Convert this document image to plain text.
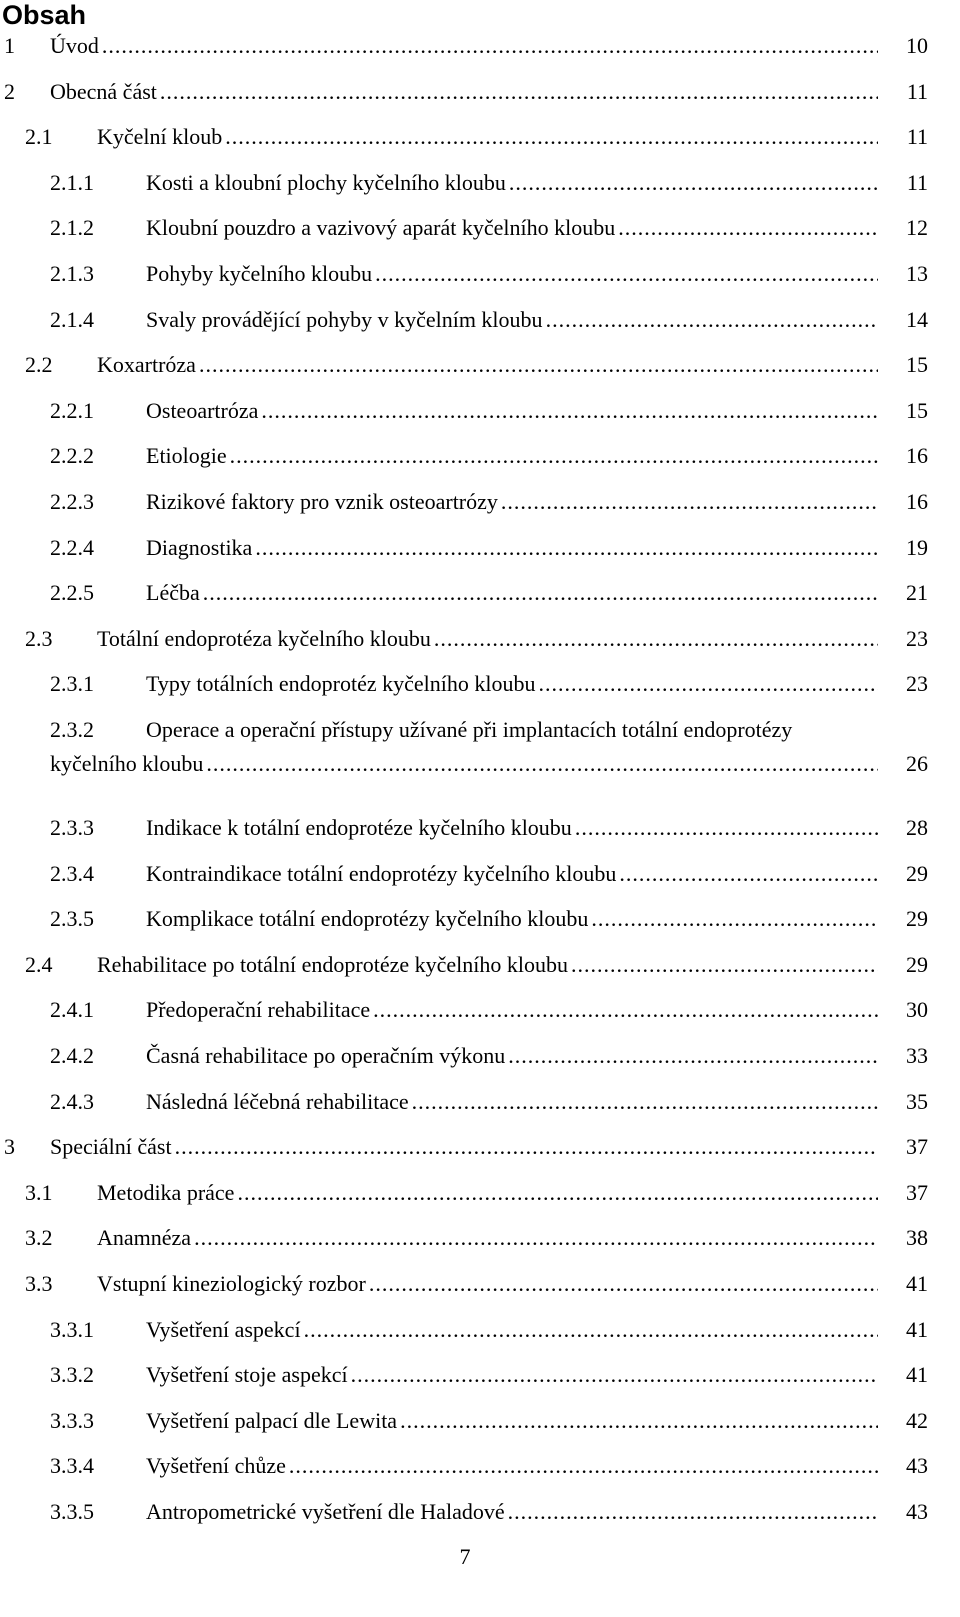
Obsah
1 Úvod .....	10
2 Obecná část .....	11
2.1 Kyčelní kloub .....	11
2.1.1 Kosti a kloubní plochy kyčelního kloubu .....	11
2.1.2 Kloubní pouzdro a vazivový aparát kyčelního kloubu .....	12
2.1.3 Pohyby kyčelního kloubu .....	13
2.1.4 Svaly provádějící pohyby v kyčelním kloubu .....	14
2.2 Koxartróza .....	15
2.2.1 Osteoartróza .....	15
2.2.2 Etiologie .....	16
2.2.3 Rizikové faktory pro vznik osteoartrózy .....	16
2.2.4 Diagnostika .....	19
2.2.5 Léčba .....	21
2.3 Totální endoprotéza kyčelního kloubu .....	23
2.3.1 Typy totálních endoprotéz kyčelního kloubu .....	23
2.3.2 Operace a operační přístupy užívané při implantacích totální endoprotézy
kyčelního kloubu .....	26
2.3.3 Indikace k totální endoprotéze kyčelního kloubu .....	28
2.3.4 Kontraindikace totální endoprotézy kyčelního kloubu .....	29
2.3.5 Komplikace totální endoprotézy kyčelního kloubu .....	29
2.4 Rehabilitace po totální endoprotéze kyčelního kloubu .....	29
2.4.1 Předoperační rehabilitace .....	30
2.4.2 Časná rehabilitace po operačním výkonu .....	33
2.4.3 Následná léčebná rehabilitace .....	35
3 Speciální část .....	37
3.1 Metodika práce .....	37
3.2 Anamnéza .....	38
3.3 Vstupní kineziologický rozbor .....	41
3.3.1 Vyšetření aspekcí .....	41
3.3.2 Vyšetření stoje aspekcí .....	41
3.3.3 Vyšetření palpací dle Lewita .....	42
3.3.4 Vyšetření chůze .....	43
3.3.5 Antropometrické vyšetření dle Haladové .....	43
7
